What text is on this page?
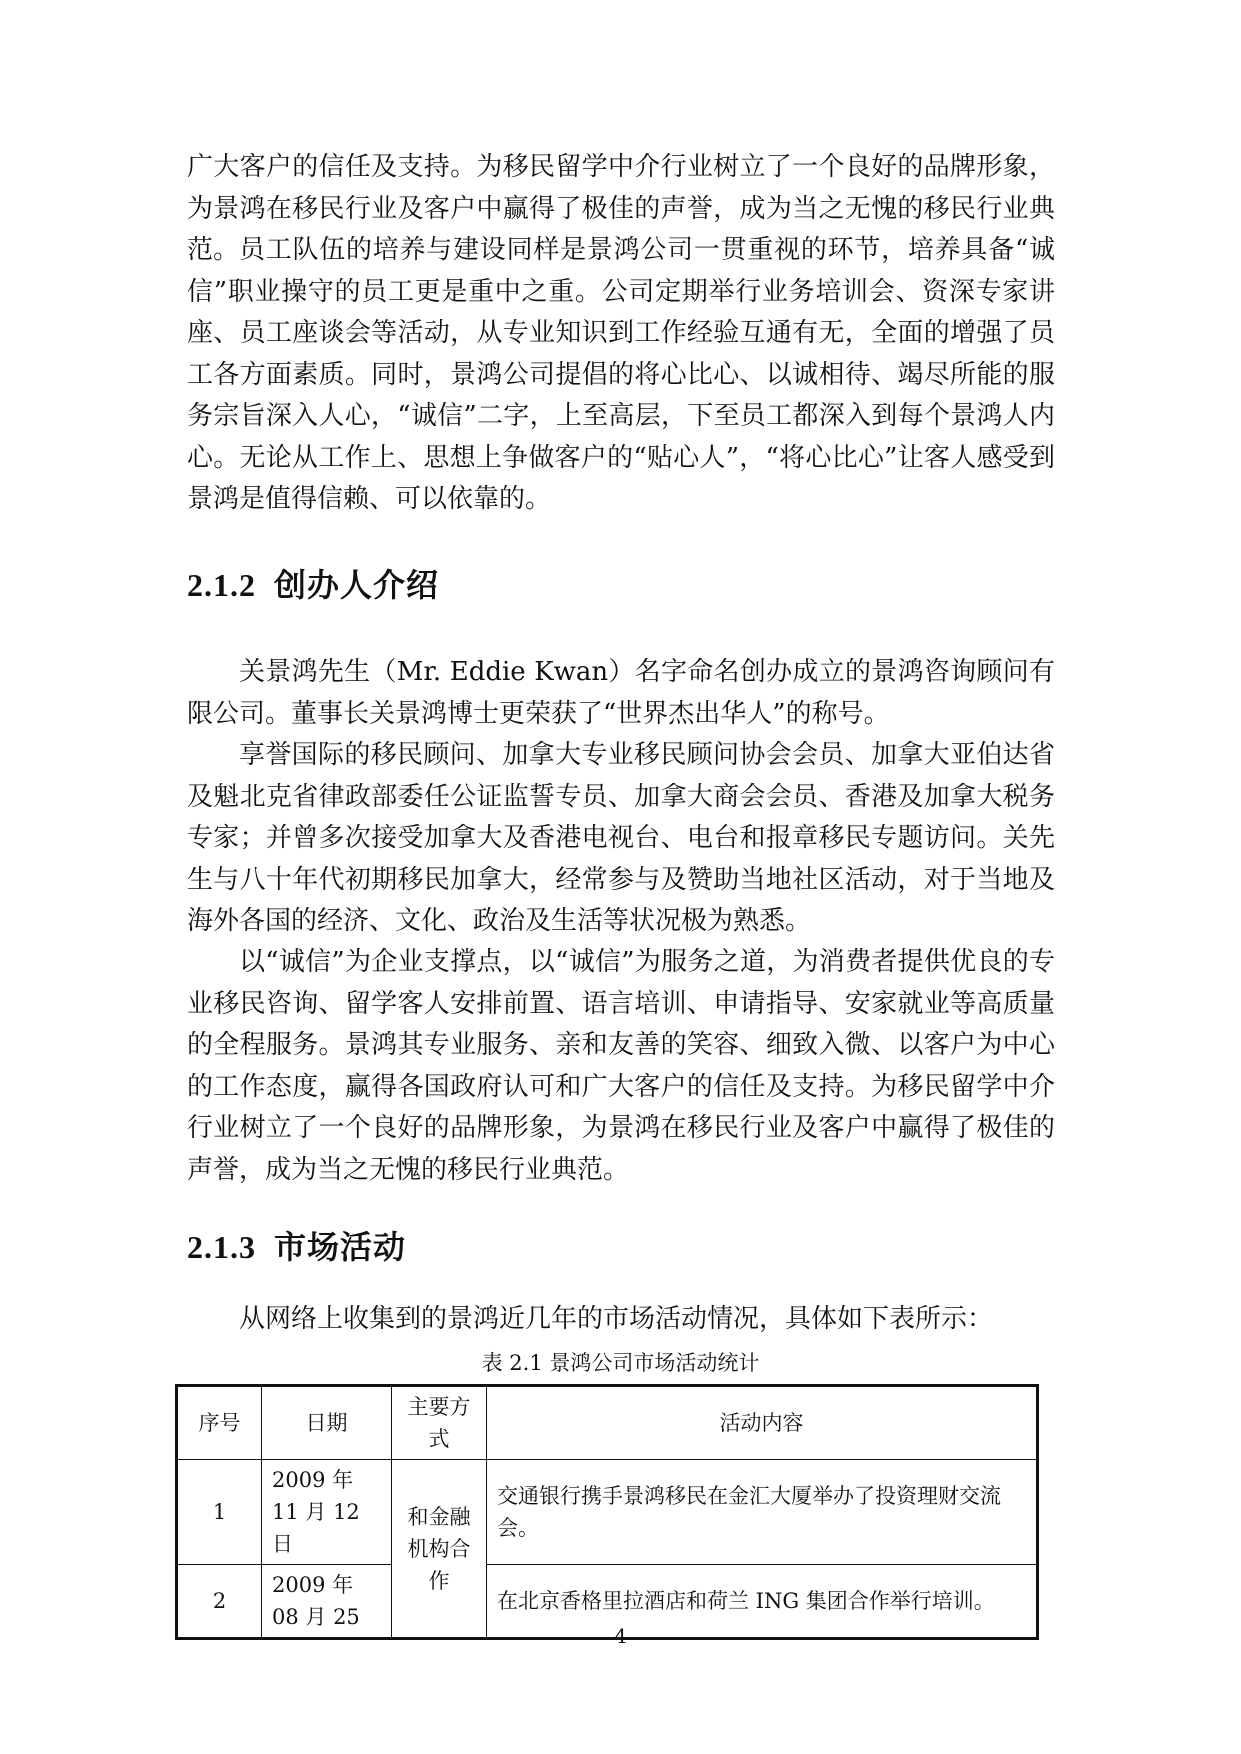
广大客户的信任及支持。为移民留学中介行业树立了一个良好的品牌形象，为景鸿在移民行业及客户中赢得了极佳的声誉，成为当之无愧的移民行业典范。 员工队伍的培养与建设同样是景鸿公司一贯重视的环节，培养具备“诚信”职业操守的员工更是重中之重。公司定期举行业务培训会、资深专家讲座、员工座谈会等活动，从专业知识到工作经验互通有无，全面的增强了员工各方面素质。同时，景鸿公司提倡的将心比心、以诚相待、竭尽所能的服务宗旨深入人心，“诚信”二字，上至高层，下至员工都深入到每个景鸿人内心。无论从工作上、思想上争做客户的“贴心人”，“将心比心”让客人感受到景鸿是值得信赖、可以依靠的。

2.1.2 创办人介绍

关景鸿先生（Mr. Eddie Kwan）名字命名创办成立的景鸿咨询顾问有限公司。董事长关景鸿博士更荣获了“世界杰出华人”的称号。

享誉国际的移民顾问、加拿大专业移民顾问协会会员、加拿大亚伯达省及魁北克省律政部委任公证监誓专员、加拿大商会会员、香港及加拿大税务专家；并曾多次接受加拿大及香港电视台、电台和报章移民专题访问。关先生与八十年代初期移民加拿大，经常参与及赞助当地社区活动，对于当地及海外各国的经济、文化、政治及生活等状况极为熟悉。

以“诚信”为企业支撑点，以“诚信”为服务之道，为消费者提供优良的专业移民咨询、留学客人安排前置、语言培训、申请指导、安家就业等高质量的全程服务。景鸿其专业服务、亲和友善的笑容、细致入微、以客户为中心的工作态度，赢得各国政府认可和广大客户的信任及支持。为移民留学中介行业树立了一个良好的品牌形象，为景鸿在移民行业及客户中赢得了极佳的声誉，成为当之无愧的移民行业典范。

2.1.3 市场活动

从网络上收集到的景鸿近几年的市场活动情况，具体如下表所示：

表 2.1 景鸿公司市场活动统计

序号	日期	主要方式	活动内容
1	2009 年 11 月 12 日	和金融机构合作	交通银行携手景鸿移民在金汇大厦举办了投资理财交流会。
2	2009 年 08 月 25		在北京香格里拉酒店和荷兰 ING 集团合作举行培训。
4
